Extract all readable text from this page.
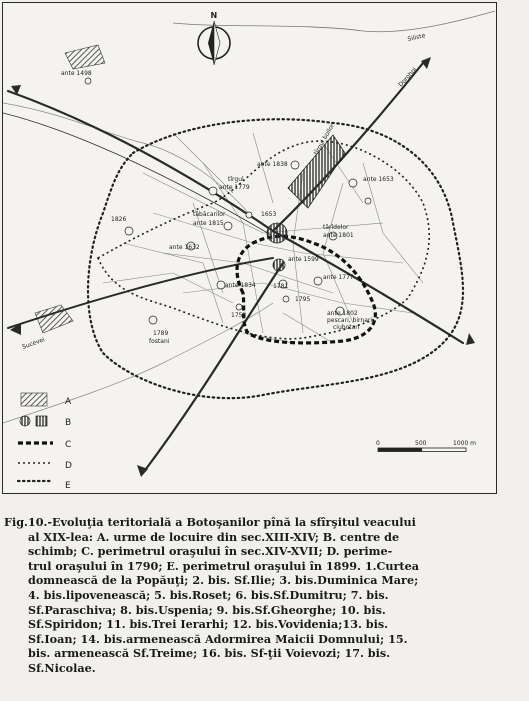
ante 1498
tîrgul boilor
ante 1838
ante 1653
tîrgul
ante 1779
1826
tăbăcarilor
ante 1815
1653
tărîdelor
ante 1801
ante 1632
ante 1599
ante 1777
ante 1834
1795
1781
ante 1802
pescari, birnari
ciubotari
1753
1789
fostani
Sucevei
Dorohoi
Siliste
N
0	500	1000 m
A
B
C
D
E
Fig.10.-Evoluţia teritorială a Botoşanilor pînă la sfîrşitul veacului
al XIX-lea: A. urme de locuire din sec.XIII-XIV; B. centre de
schimb; C. perimetrul oraşului în sec.XIV-XVII; D. perime-
trul oraşului în 1790; E. perimetrul oraşului în 1899. 1.Curtea
domnească de la Popăuţi; 2. bis. Sf.Ilie; 3. bis.Duminica Mare;
4. bis.lipovenească; 5. bis.Roset; 6. bis.Sf.Dumitru; 7. bis.
Sf.Paraschiva; 8. bis.Uspenia; 9. bis.Sf.Gheorghe; 10. bis.
Sf.Spiridon; 11. bis.Trei Ierarhi; 12. bis.Vovidenia;13. bis.
Sf.Ioan; 14. bis.armenească Adormirea Maicii Domnului; 15.
bis. armenească Sf.Treime; 16. bis. Sf-ţii Voievozi; 17. bis.
Sf.Nicolae.
